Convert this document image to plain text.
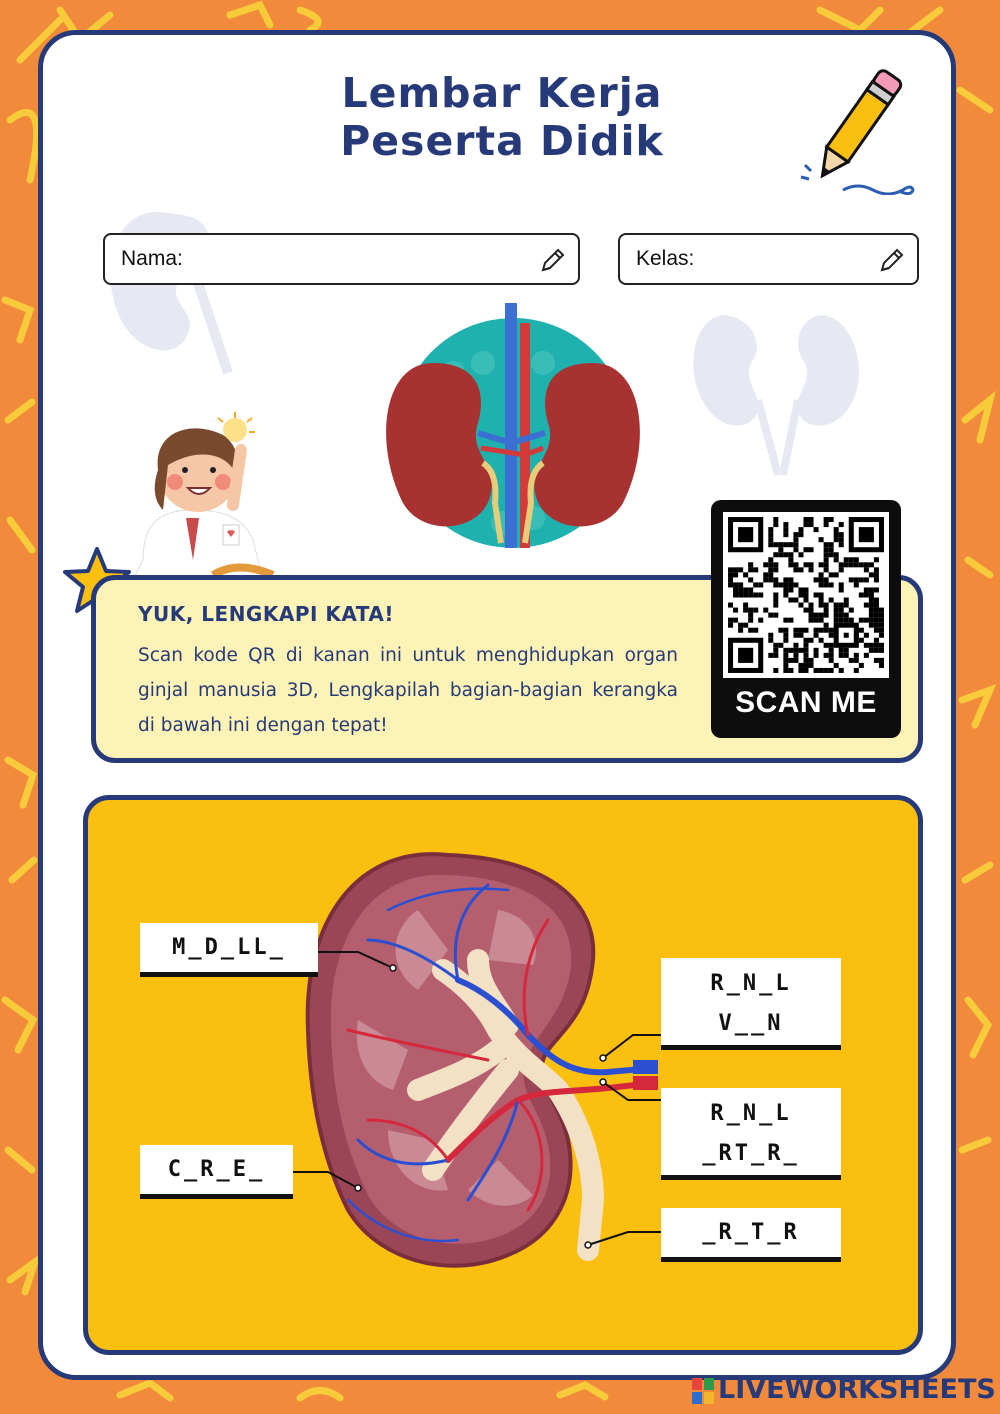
Lembar Kerja
Peserta Didik
Nama:	Kelas:
YUK, LENGKAPI KATA!
Scan kode QR di kanan ini untuk menghidupkan organ ginjal manusia 3D, Lengkapilah bagian-bagian kerangka di bawah ini dengan tepat!
SCAN ME
M_D_LL_
C_R_E_
R_N_L
V__N
R_N_L
_RT_R_
_R_T_R
LIVEWORKSHEETS
